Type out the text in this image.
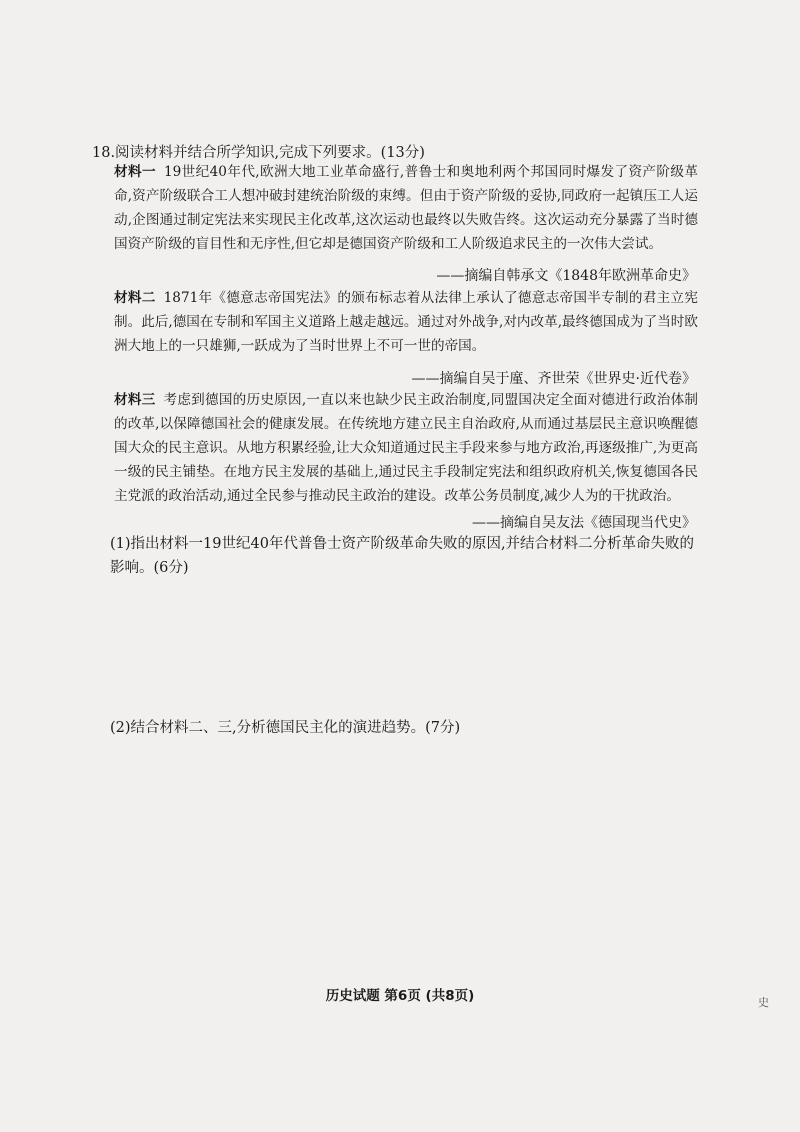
18.阅读材料并结合所学知识,完成下列要求。(13分)
材料一 19世纪40年代,欧洲大地工业革命盛行,普鲁士和奥地利两个邦国同时爆发了资产阶级革命,资产阶级联合工人想冲破封建统治阶级的束缚。但由于资产阶级的妥协,同政府一起镇压工人运动,企图通过制定宪法来实现民主化改革,这次运动也最终以失败告终。这次运动充分暴露了当时德国资产阶级的盲目性和无序性,但它却是德国资产阶级和工人阶级追求民主的一次伟大尝试。
——摘编自韩承文《1848年欧洲革命史》
材料二 1871年《德意志帝国宪法》的颁布标志着从法律上承认了德意志帝国半专制的君主立宪制。此后,德国在专制和军国主义道路上越走越远。通过对外战争,对内改革,最终德国成为了当时欧洲大地上的一只雄狮,一跃成为了当时世界上不可一世的帝国。
——摘编自吴于廑、齐世荣《世界史·近代卷》
材料三 考虑到德国的历史原因,一直以来也缺少民主政治制度,同盟国决定全面对德进行政治体制的改革,以保障德国社会的健康发展。在传统地方建立民主自治政府,从而通过基层民主意识唤醒德国大众的民主意识。从地方积累经验,让大众知道通过民主手段来参与地方政治,再逐级推广,为更高一级的民主铺垫。在地方民主发展的基础上,通过民主手段制定宪法和组织政府机关,恢复德国各民主党派的政治活动,通过全民参与推动民主政治的建设。改革公务员制度,减少人为的干扰政治。
——摘编自吴友法《德国现当代史》
(1)指出材料一19世纪40年代普鲁士资产阶级革命失败的原因,并结合材料二分析革命失败的影响。(6分)
(2)结合材料二、三,分析德国民主化的演进趋势。(7分)
历史试题 第6页 (共8页)	史
